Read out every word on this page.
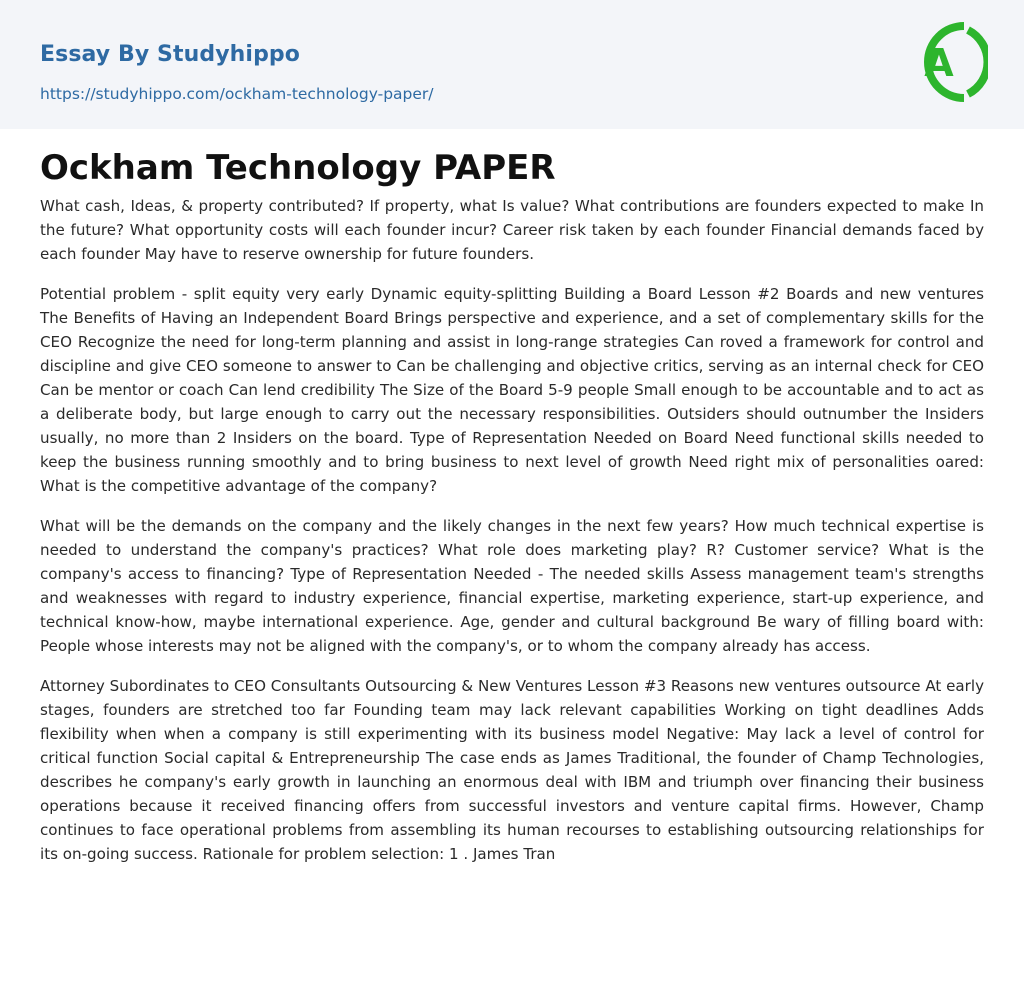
Essay By Studyhippo
https://studyhippo.com/ockham-technology-paper/
A
Ockham Technology PAPER

What cash, Ideas, & property contributed? If property, what Is value? What contributions are founders expected to make In the future? What opportunity costs will each founder incur? Career risk taken by each founder Financial demands faced by each founder May have to reserve ownership for future founders.

Potential problem - split equity very early Dynamic equity-splitting Building a Board Lesson #2 Boards and new ventures The Benefits of Having an Independent Board Brings perspective and experience, and a set of complementary skills for the CEO Recognize the need for long-term planning and assist in long-range strategies Can roved a framework for control and discipline and give CEO someone to answer to Can be challenging and objective critics, serving as an internal check for CEO Can be mentor or coach Can lend credibility The Size of the Board 5-9 people Small enough to be accountable and to act as a deliberate body, but large enough to carry out the necessary responsibilities. Outsiders should outnumber the Insiders usually, no more than 2 Insiders on the board. Type of Representation Needed on Board Need functional skills needed to keep the business running smoothly and to bring business to next level of growth Need right mix of personalities oared: What is the competitive advantage of the company?

What will be the demands on the company and the likely changes in the next few years? How much technical expertise is needed to understand the company's practices? What role does marketing play? R? Customer service? What is the company's access to financing? Type of Representation Needed - The needed skills Assess management team's strengths and weaknesses with regard to industry experience, financial expertise, marketing experience, start-up experience, and technical know-how, maybe international experience. Age, gender and cultural background Be wary of filling board with: People whose interests may not be aligned with the company's, or to whom the company already has access.

Attorney Subordinates to CEO Consultants Outsourcing & New Ventures Lesson #3 Reasons new ventures outsource At early stages, founders are stretched too far Founding team may lack relevant capabilities Working on tight deadlines Adds flexibility when when a company is still experimenting with its business model Negative: May lack a level of control for critical function Social capital & Entrepreneurship The case ends as James Traditional, the founder of Champ Technologies, describes he company's early growth in launching an enormous deal with IBM and triumph over financing their business operations because it received financing offers from successful investors and venture capital firms. However, Champ continues to face operational problems from assembling its human recourses to establishing outsourcing relationships for its on-going success. Rationale for problem selection: 1 . James Tran
